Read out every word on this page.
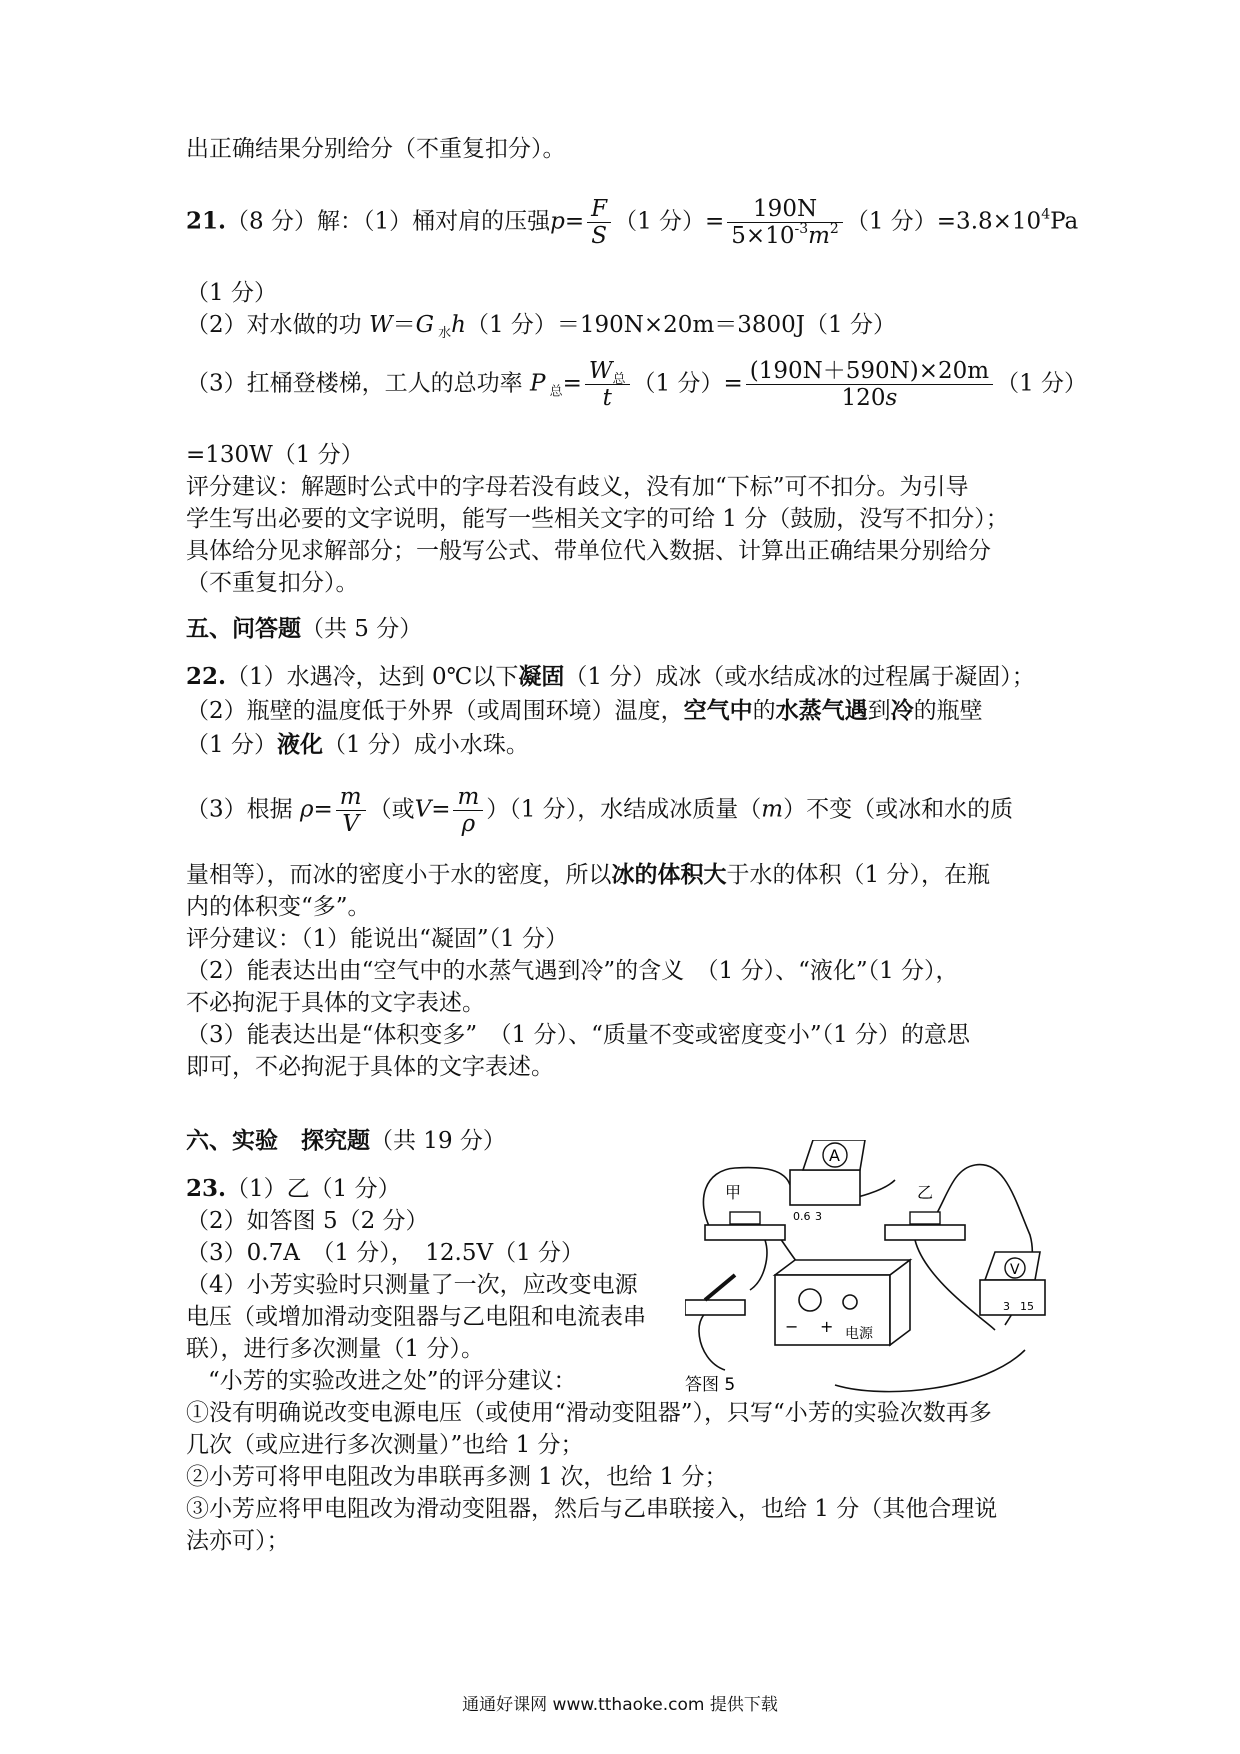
出正确结果分别给分（不重复扣分）。
21.（8 分）解：（1）桶对肩的压强$p= \frac{F}{S} (1$ 分）= $\frac{190N}{5\times 10^{-3}m^2} (1$ 分）$=3.8\times 10^4Pa$
（1 分）
（2）对水做的功 W＝G $_水$h（1 分）＝190N×20m＝3800J（1 分）
（3）扛桶登楼梯，工人的总功率 P $_总= \frac{W_总}{t} (1$ 分）= $\frac{(190N+590N)\times 20m}{120s} (1$ 分）
=130W（1 分）
评分建议：解题时公式中的字母若没有歧义，没有加“下标”可不扣分。为引导
学生写出必要的文字说明，能写一些相关文字的可给 1 分（鼓励，没写不扣分）；
具体给分见求解部分；一般写公式、带单位代入数据、计算出正确结果分别给分
（不重复扣分）。
五、问答题（共 5 分）
22.（1）水遇冷，达到 0℃以下凝固（1 分）成冰（或水结成冰的过程属于凝固）；
（2）瓶壁的温度低于外界（或周围环境）温度，空气中的水蒸气遇到冷的瓶壁
（1 分）液化（1 分）成小水珠。
（3）根据 $\rho= \frac{m}{V}$ （或$V= \frac{m}{\rho} )(1$ 分），水结成冰质量（m）不变（或冰和水的质
量相等），而冰的密度小于水的密度，所以冰的体积大于水的体积（1 分），在瓶
内的体积变“多”。
评分建议：（1）能说出“凝固”（1 分）
（2）能表达出由“空气中的水蒸气遇到冷”的含义　（1 分）、“液化”（1 分），
不必拘泥于具体的文字表述。
（3）能表达出是“体积变多”　（1 分）、“质量不变或密度变小”（1 分）的意思
即可，不必拘泥于具体的文字表述。
六、实验　探究题（共 19 分）
23.（1）乙（1 分）
（2）如答图 5（2 分）
（3）0.7A　（1 分），　12.5V（1 分）
（4）小芳实验时只测量了一次，应改变电源
电压（或增加滑动变阻器与乙电阻和电流表串
联），进行多次测量（1 分）。
“小芳的实验改进之处”的评分建议：
①没有明确说改变电源电压（或使用“滑动变阻器”），只写“小芳的实验次数再多
几次（或应进行多次测量）”也给 1 分；
②小芳可将甲电阻改为串联再多测 1 次，也给 1 分；
③小芳应将甲电阻改为滑动变阻器，然后与乙串联接入，也给 1 分（其他合理说
法亦可）；
A
0.6 3
甲	乙
V
3 15
− + 电源
答图 5
通通好课网 www.tthaoke.com 提供下载
